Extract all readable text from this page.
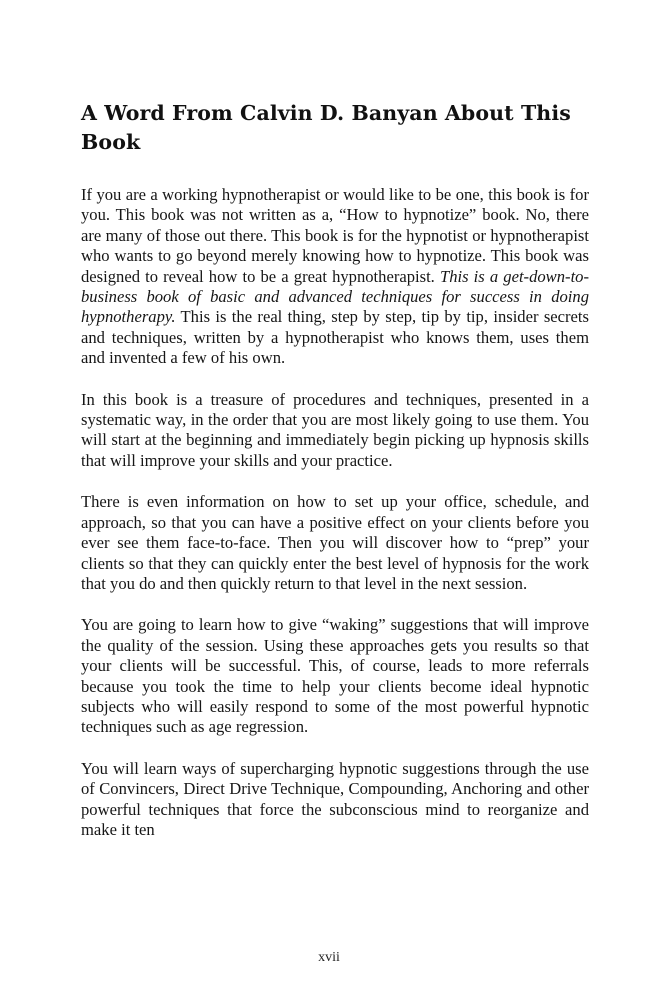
A Word From Calvin D. Banyan About This Book

If you are a working hypnotherapist or would like to be one, this book is for you. This book was not written as a, “How to hypnotize” book. No, there are many of those out there. This book is for the hypnotist or hypnotherapist who wants to go beyond merely knowing how to hypnotize. This book was designed to reveal how to be a great hypnotherapist. This is a get-down-to-business book of basic and advanced techniques for success in doing hypnotherapy. This is the real thing, step by step, tip by tip, insider secrets and techniques, written by a hypnotherapist who knows them, uses them and invented a few of his own.

In this book is a treasure of procedures and techniques, presented in a systematic way, in the order that you are most likely going to use them. You will start at the beginning and immediately begin picking up hypnosis skills that will improve your skills and your practice.

There is even information on how to set up your office, schedule, and approach, so that you can have a positive effect on your clients before you ever see them face-to-face. Then you will discover how to “prep” your clients so that they can quickly enter the best level of hypnosis for the work that you do and then quickly return to that level in the next session.

You are going to learn how to give “waking” suggestions that will improve the quality of the session. Using these approaches gets you results so that your clients will be successful. This, of course, leads to more referrals because you took the time to help your clients become ideal hypnotic subjects who will easily respond to some of the most powerful hypnotic techniques such as age regression.

You will learn ways of supercharging hypnotic suggestions through the use of Convincers, Direct Drive Technique, Compounding, Anchoring and other powerful techniques that force the subconscious mind to reorganize and make it ten

xvii
